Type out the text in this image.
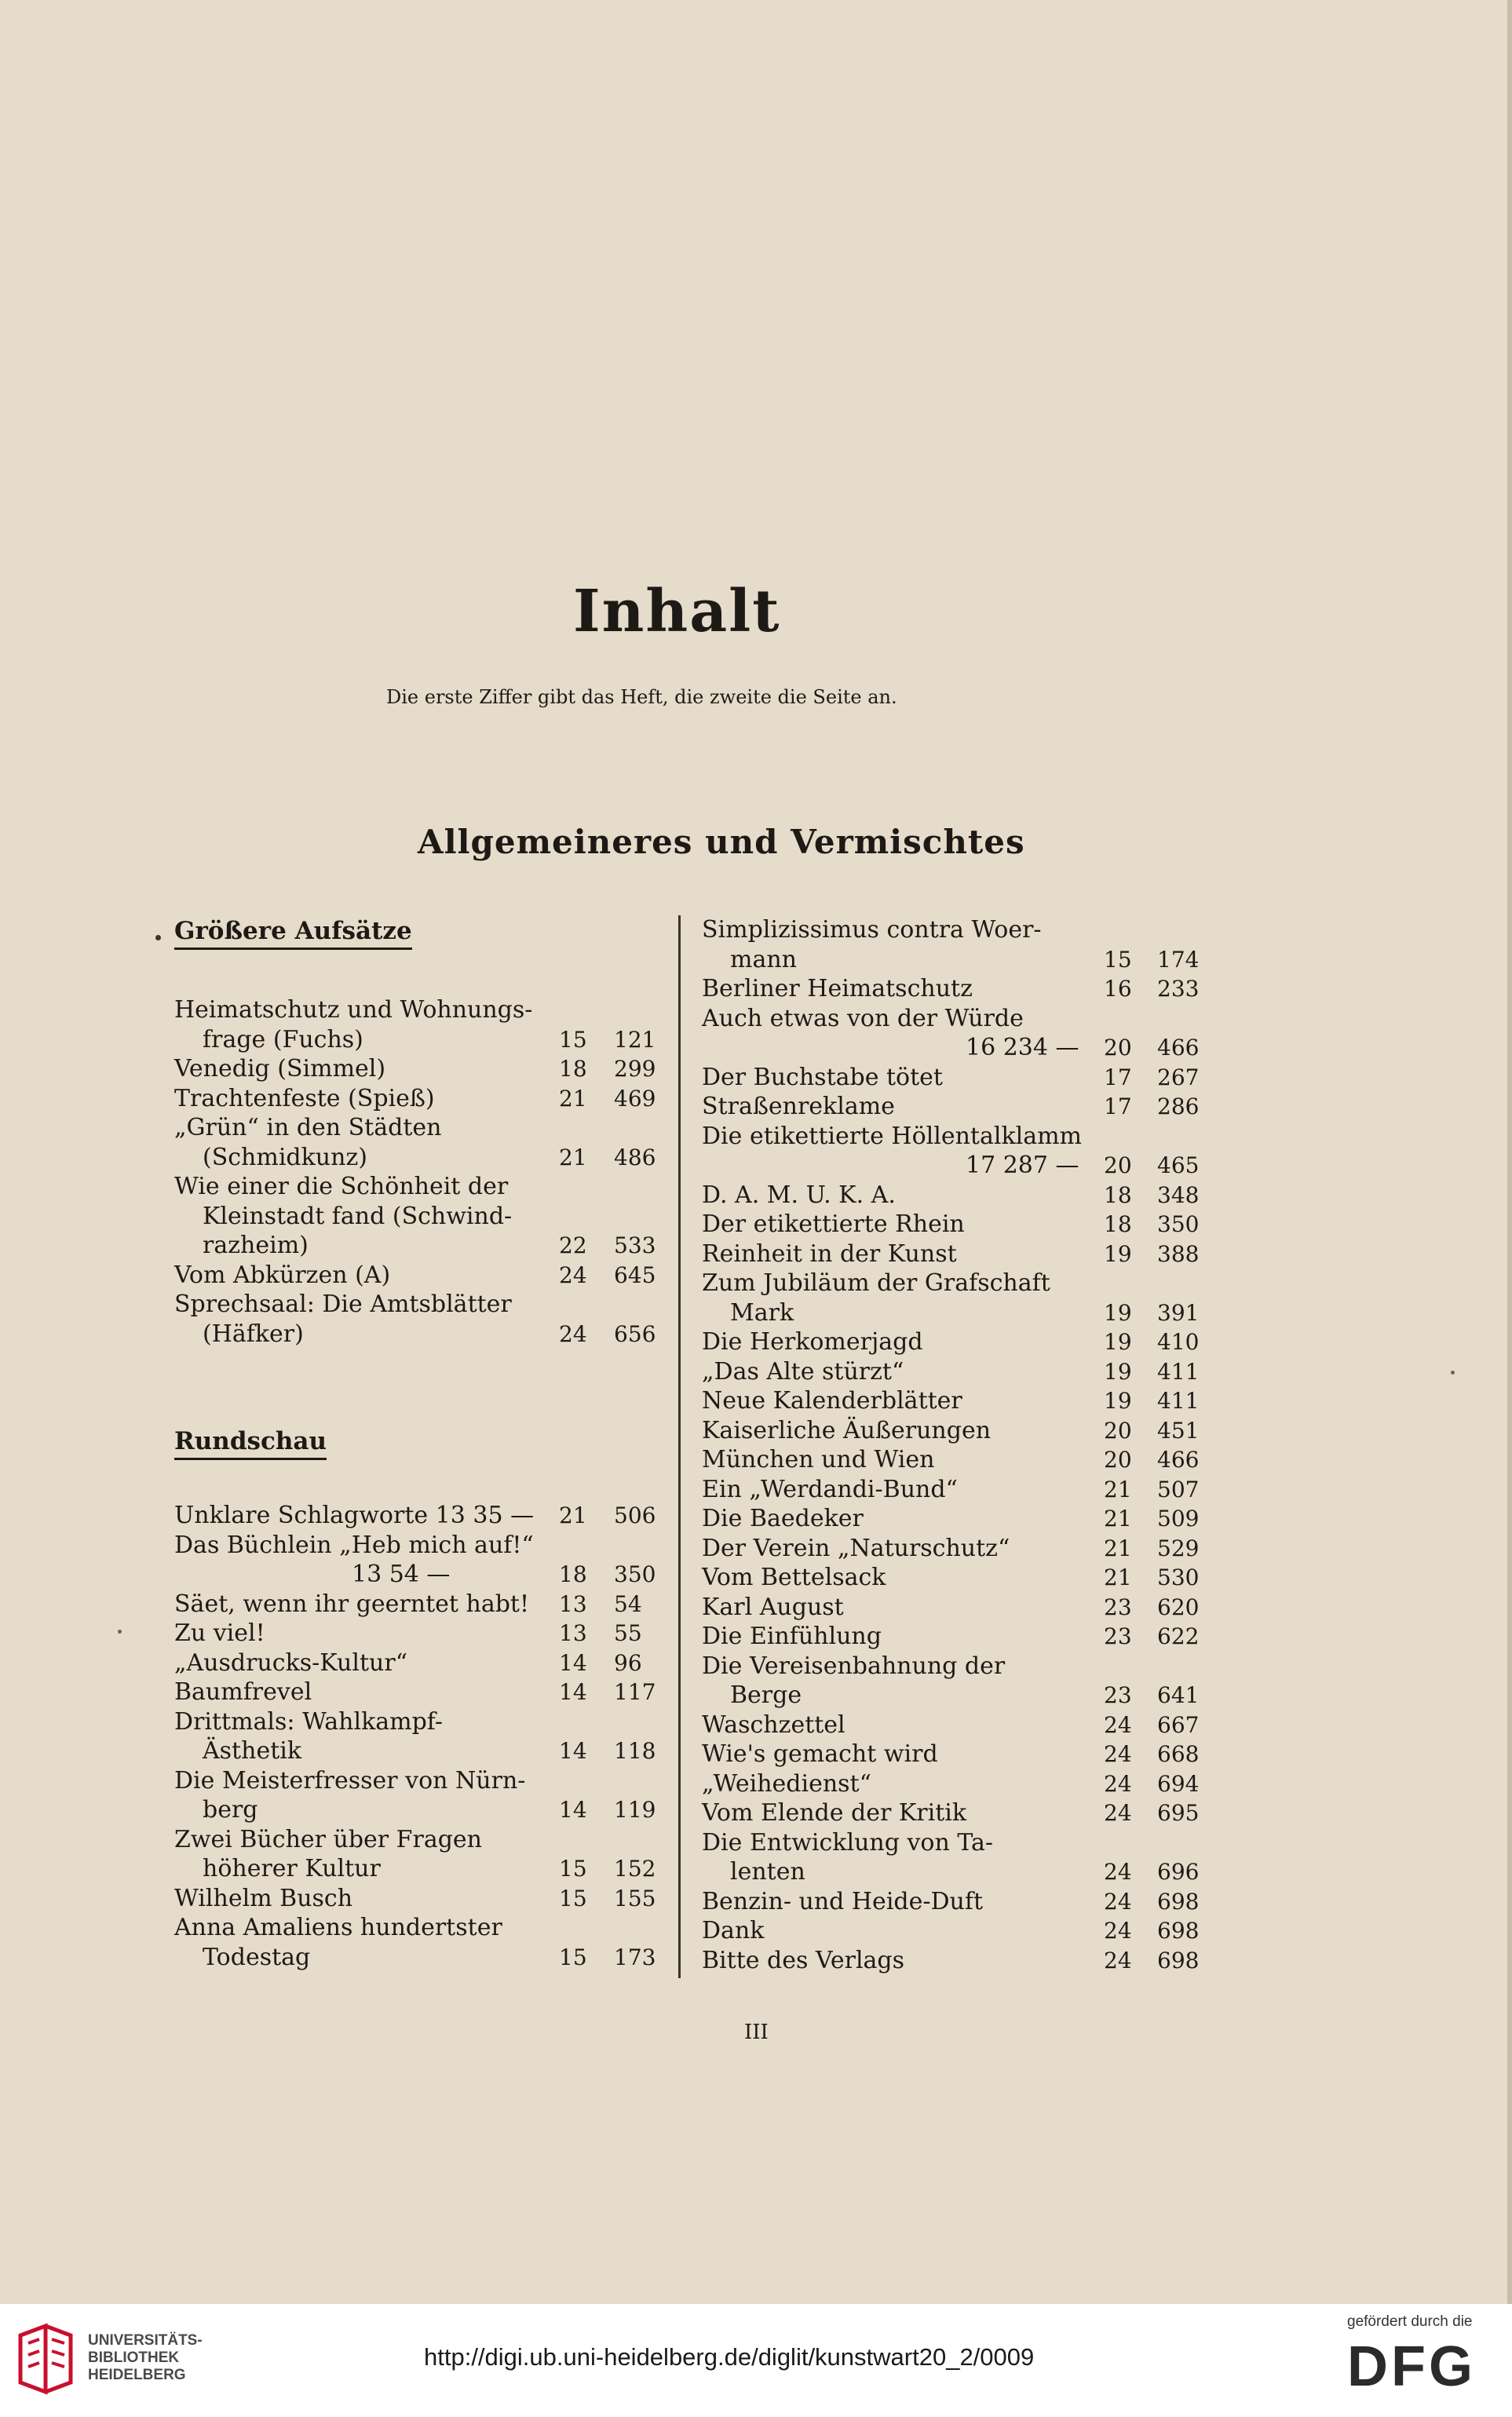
Inhalt
Die erste Ziffer gibt das Heft, die zweite die Seite an.
Allgemeineres und Vermischtes
Größere Aufsätze
Heimatschutz und Wohnungs-
frage (Fuchs)	15 121
Venedig (Simmel)	18 299
Trachtenfeste (Spieß)	21 469
„Grün“ in den Städten
(Schmidkunz)	21 486
Wie einer die Schönheit der
Kleinstadt fand (Schwind-
razheim)	22 533
Vom Abkürzen (A)	24 645
Sprechsaal: Die Amtsblätter
(Häfker)	24 656
Rundschau
Unklare Schlagworte 13 35 — 21 506
Das Büchlein „Heb mich auf!“
13 54 —	18 350
Säet, wenn ihr geerntet habt! 13 54
Zu viel!	13 55
„Ausdrucks-Kultur“	14 96
Baumfrevel	14 117
Drittmals: Wahlkampf-
Ästhetik	14 118
Die Meisterfresser von Nürn-
berg	14 119
Zwei Bücher über Fragen
höherer Kultur	15 152
Wilhelm Busch	15 155
Anna Amaliens hundertster
Todestag	15 173
Simplizissimus contra Woer-
mann	15 174
Berliner Heimatschutz	16 233
Auch etwas von der Würde
16 234 — 20 466
Der Buchstabe tötet	17 267
Straßenreklame	17 286
Die etikettierte Höllentalklamm
17 287 — 20 465
D. A. M. U. K. A.	18 348
Der etikettierte Rhein	18 350
Reinheit in der Kunst	19 388
Zum Jubiläum der Grafschaft
Mark	19 391
Die Herkomerjagd	19 410
„Das Alte stürzt“	19 411
Neue Kalenderblätter	19 411
Kaiserliche Äußerungen	20 451
München und Wien	20 466
Ein „Werdandi-Bund“	21 507
Die Baedeker	21 509
Der Verein „Naturschutz“	21 529
Vom Bettelsack	21 530
Karl August	23 620
Die Einfühlung	23 622
Die Vereisenbahnung der
Berge	23 641
Waschzettel	24 667
Wie's gemacht wird	24 668
„Weihedienst“	24 694
Vom Elende der Kritik	24 695
Die Entwicklung von Ta-
lenten	24 696
Benzin- und Heide-Duft	24 698
Dank	24 698
Bitte des Verlags	24 698
III
UNIVERSITÄTS-
BIBLIOTHEK
HEIDELBERG
http://digi.ub.uni-heidelberg.de/diglit/kunstwart20_2/0009
gefördert durch die
DFG
